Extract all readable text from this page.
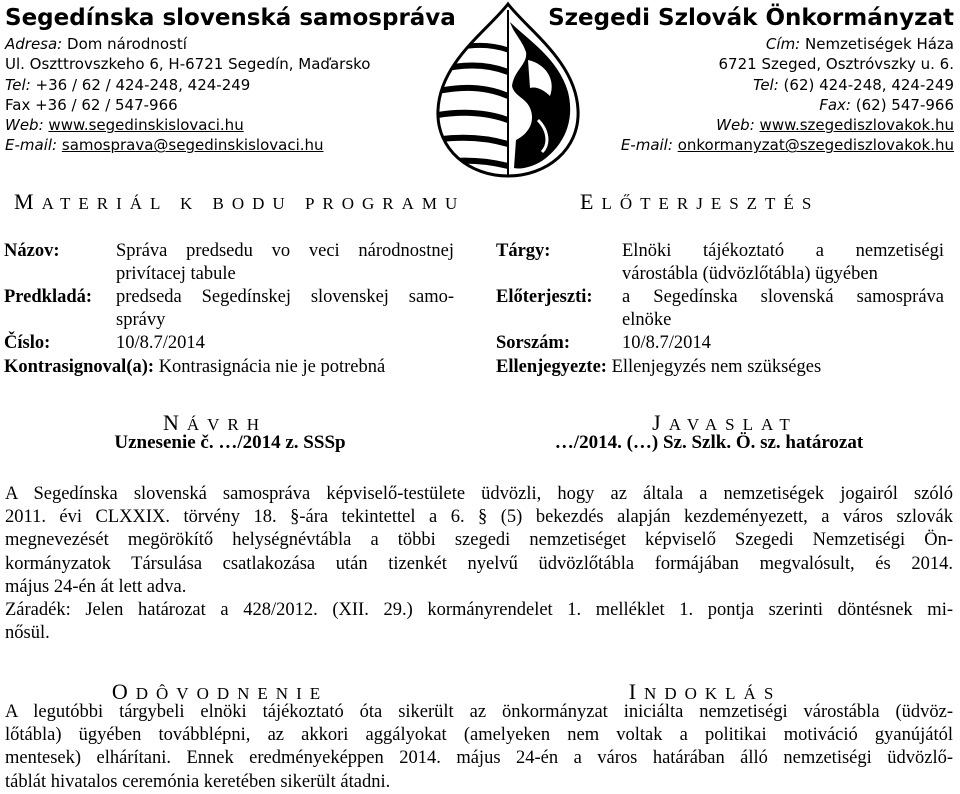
Segedínska slovenská samospráva
Adresa: Dom národností
Ul. Oszttrovszkeho 6, H-6721 Segedín, Maďarsko
Tel: +36 / 62 / 424-248, 424-249
Fax +36 / 62 / 547-966
Web: www.segedinskislovaci.hu
E-mail: samosprava@segedinskislovaci.hu
Szegedi Szlovák Önkormányzat
Cím: Nemzetiségek Háza
6721 Szeged, Osztróvszky u. 6.
Tel: (62) 424-248, 424-249
Fax: (62) 547-966
Web: www.szegediszlovakok.hu
E-mail: onkormanyzat@szegediszlovakok.hu
MATERIÁL K BODU PROGRAMU	ELŐTERJESZTÉS
Názov:	Správa predsedu vo veci národnostnej
privítacej tabule
Predkladá: predseda Segedínskej slovenskej samo-
správy
Číslo:	10/8.7/2014
Kontrasignoval(a): Kontrasignácia nie je potrebná
Tárgy:	Elnöki tájékoztató a nemzetiségi
várostábla (üdvözlőtábla) ügyében
Előterjeszti: a Segedínska slovenská samospráva
elnöke
Sorszám:	10/8.7/2014
Ellenjegyezte: Ellenjegyzés nem szükséges
NÁVRH
Uznesenie č. …/2014 z. SSSp
JAVASLAT
…/2014. (…) Sz. Szlk. Ö. sz. határozat
A Segedínska slovenská samospráva képviselő-testülete üdvözli, hogy az általa a nemzetiségek jogairól szóló
2011. évi CLXXIX. törvény 18. §-ára tekintettel a 6. § (5) bekezdés alapján kezdeményezett, a város szlovák
megnevezését megörökítő helységnévtábla a többi szegedi nemzetiséget képviselő Szegedi Nemzetiségi Ön-
kormányzatok Társulása csatlakozása után tizenkét nyelvű üdvözlőtábla formájában megvalósult, és 2014.
május 24-én át lett adva.
Záradék: Jelen határozat a 428/2012. (XII. 29.) kormányrendelet 1. melléklet 1. pontja szerinti döntésnek mi-
nősül.
ODÔVODNENIE	INDOKLÁS
A legutóbbi tárgybeli elnöki tájékoztató óta sikerült az önkormányzat iniciálta nemzetiségi várostábla (üdvöz-
lőtábla) ügyében továbblépni, az akkori aggályokat (amelyeken nem voltak a politikai motiváció gyanújától
mentesek) elhárítani. Ennek eredményeképpen 2014. május 24-én a város határában álló nemzetiségi üdvözlő-
táblát hivatalos ceremónia keretében sikerült átadni.
